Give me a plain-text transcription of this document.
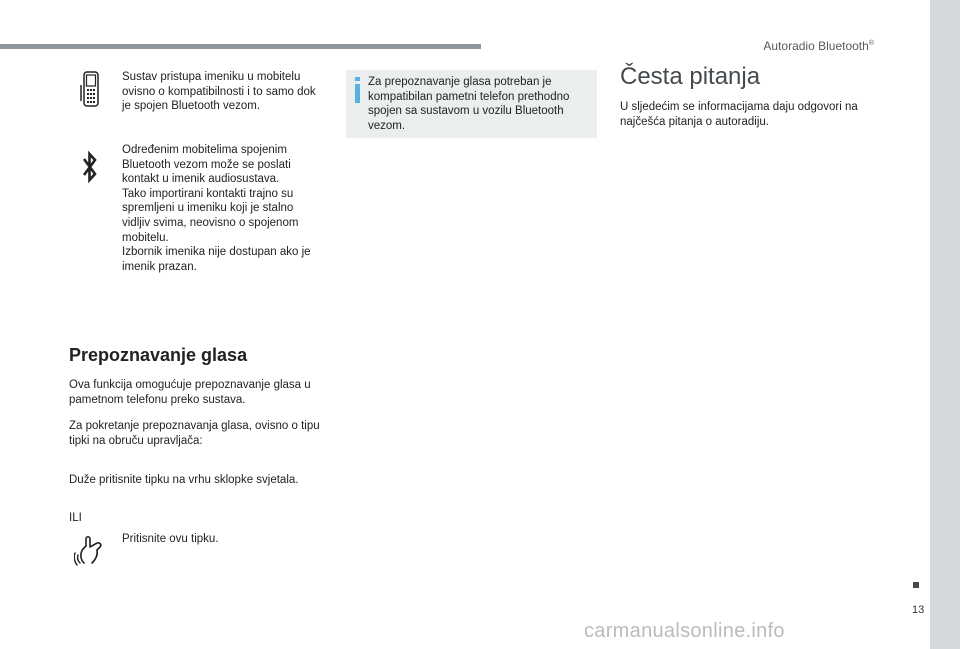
Autoradio Bluetooth®
Sustav pristupa imeniku u mobitelu ovisno o kompatibilnosti i to samo dok je spojen Bluetooth vezom.
Određenim mobitelima spojenim Bluetooth vezom može se poslati kontakt u imenik audiosustava.
Tako importirani kontakti trajno su spremljeni u imeniku koji je stalno vidljiv svima, neovisno o spojenom mobitelu.
Izbornik imenika nije dostupan ako je imenik prazan.
Prepoznavanje glasa
Ova funkcija omogućuje prepoznavanje glasa u pametnom telefonu preko sustava.
Za pokretanje prepoznavanja glasa, ovisno o tipu tipki na obruču upravljača:
Duže pritisnite tipku na vrhu sklopke svjetala.
ILI
Pritisnite ovu tipku.
Za prepoznavanje glasa potreban je kompatibilan pametni telefon prethodno spojen sa sustavom u vozilu Bluetooth vezom.
Česta pitanja
U sljedećim se informacijama daju odgovori na najčešća pitanja o autoradiju.
13
carmanualsonline.info
